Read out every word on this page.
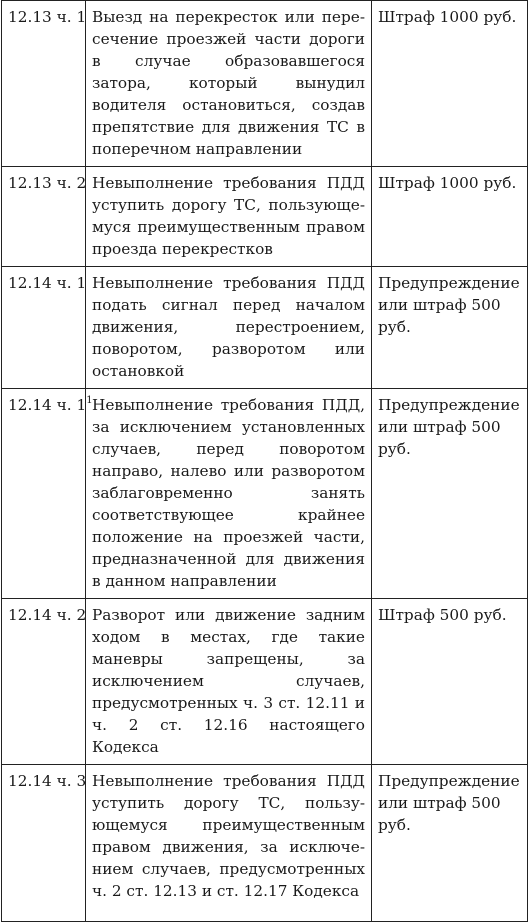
12.13 ч. 1	Выезд на перекресток или пересечение проезжей части дороги в случае образовавшегося затора, который вынудил водителя остановиться, создав препятствие для движения ТС в поперечном направлении	Штраф 1000 руб.
12.13 ч. 2	Невыполнение требования ПДД уступить дорогу ТС, пользующемуся преимущественным правом проезда перекрестков	Штраф 1000 руб.
12.14 ч. 1	Невыполнение требования ПДД подать сигнал перед началом движения, перестроением, поворотом, разворотом или остановкой	Предупреждение или штраф 500 руб.
12.14 ч. $1^1$	Невыполнение требования ПДД, за исключением установленных случаев, перед поворотом направо, налево или разворотом заблаговременно занять соответствующее крайнее положение на проезжей части, предназначенной для движения в данном направлении	Предупреждение или штраф 500 руб.
12.14 ч. 2	Разворот или движение задним ходом в местах, где такие маневры запрещены, за исключением случаев, предусмотренных ч. 3 ст. 12.11 и ч. 2 ст. 12.16 настоящего Кодекса	Штраф 500 руб.
12.14 ч. 3	Невыполнение требования ПДД уступить дорогу ТС, пользующемуся преимущественным правом движения, за исключением случаев, предусмотренных ч. 2 ст. 12.13 и ст. 12.17 Кодекса	Предупреждение или штраф 500 руб.
